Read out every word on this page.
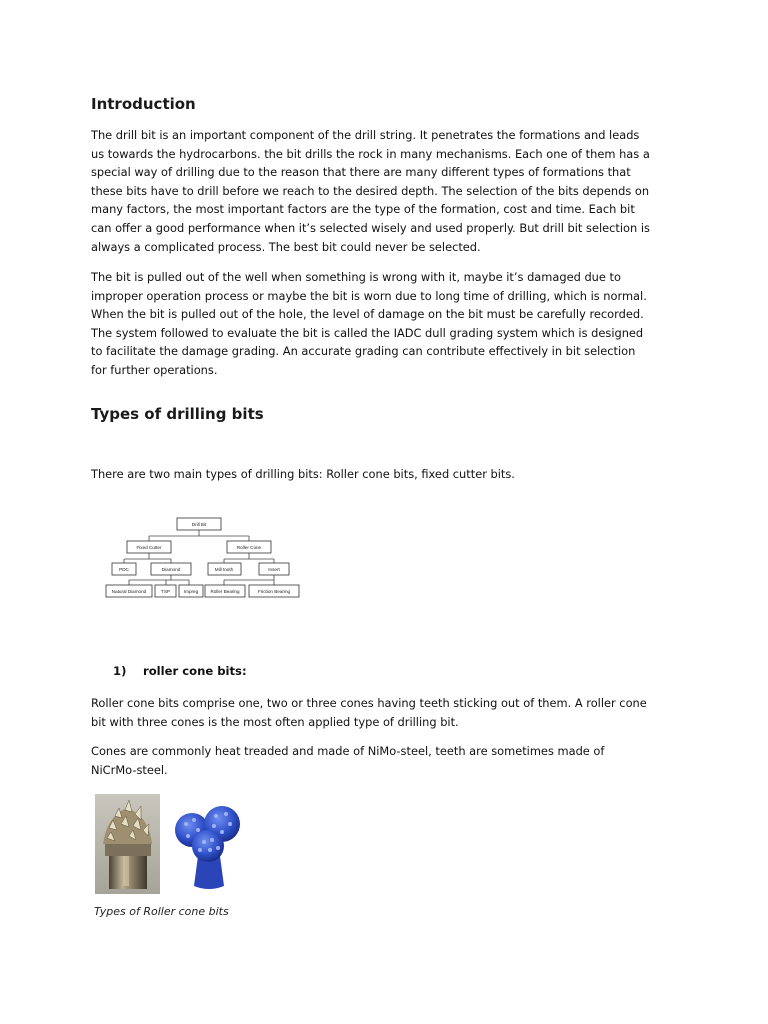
Introduction

The drill bit is an important component of the drill string. It penetrates the formations and leads us towards the hydrocarbons. the bit drills the rock in many mechanisms. Each one of them has a special way of drilling due to the reason that there are many different types of formations that these bits have to drill before we reach to the desired depth. The selection of the bits depends on many factors, the most important factors are the type of the formation, cost and time. Each bit can offer a good performance when it’s selected wisely and used properly. But drill bit selection is always a complicated process. The best bit could never be selected.

The bit is pulled out of the well when something is wrong with it, maybe it’s damaged due to improper operation process or maybe the bit is worn due to long time of drilling, which is normal. When the bit is pulled out of the hole, the level of damage on the bit must be carefully recorded. The system followed to evaluate the bit is called the IADC dull grading system which is designed to facilitate the damage grading. An accurate grading can contribute effectively in bit selection for further operations.

Types of drilling bits

There are two main types of drilling bits: Roller cone bits, fixed cutter bits.

Drill Bit
Fixed Cutter	Roller Cone
PDC	Diamond	Mill tooth	Insert
Natural Diamond	TSP	Impreg	Roller Bearing	Friction Bearing
1) roller cone bits:

Roller cone bits comprise one, two or three cones having teeth sticking out of them. A roller cone bit with three cones is the most often applied type of drilling bit.

Cones are commonly heat treaded and made of NiMo-steel, teeth are sometimes made of NiCrMo-steel.

Types of Roller cone bits
